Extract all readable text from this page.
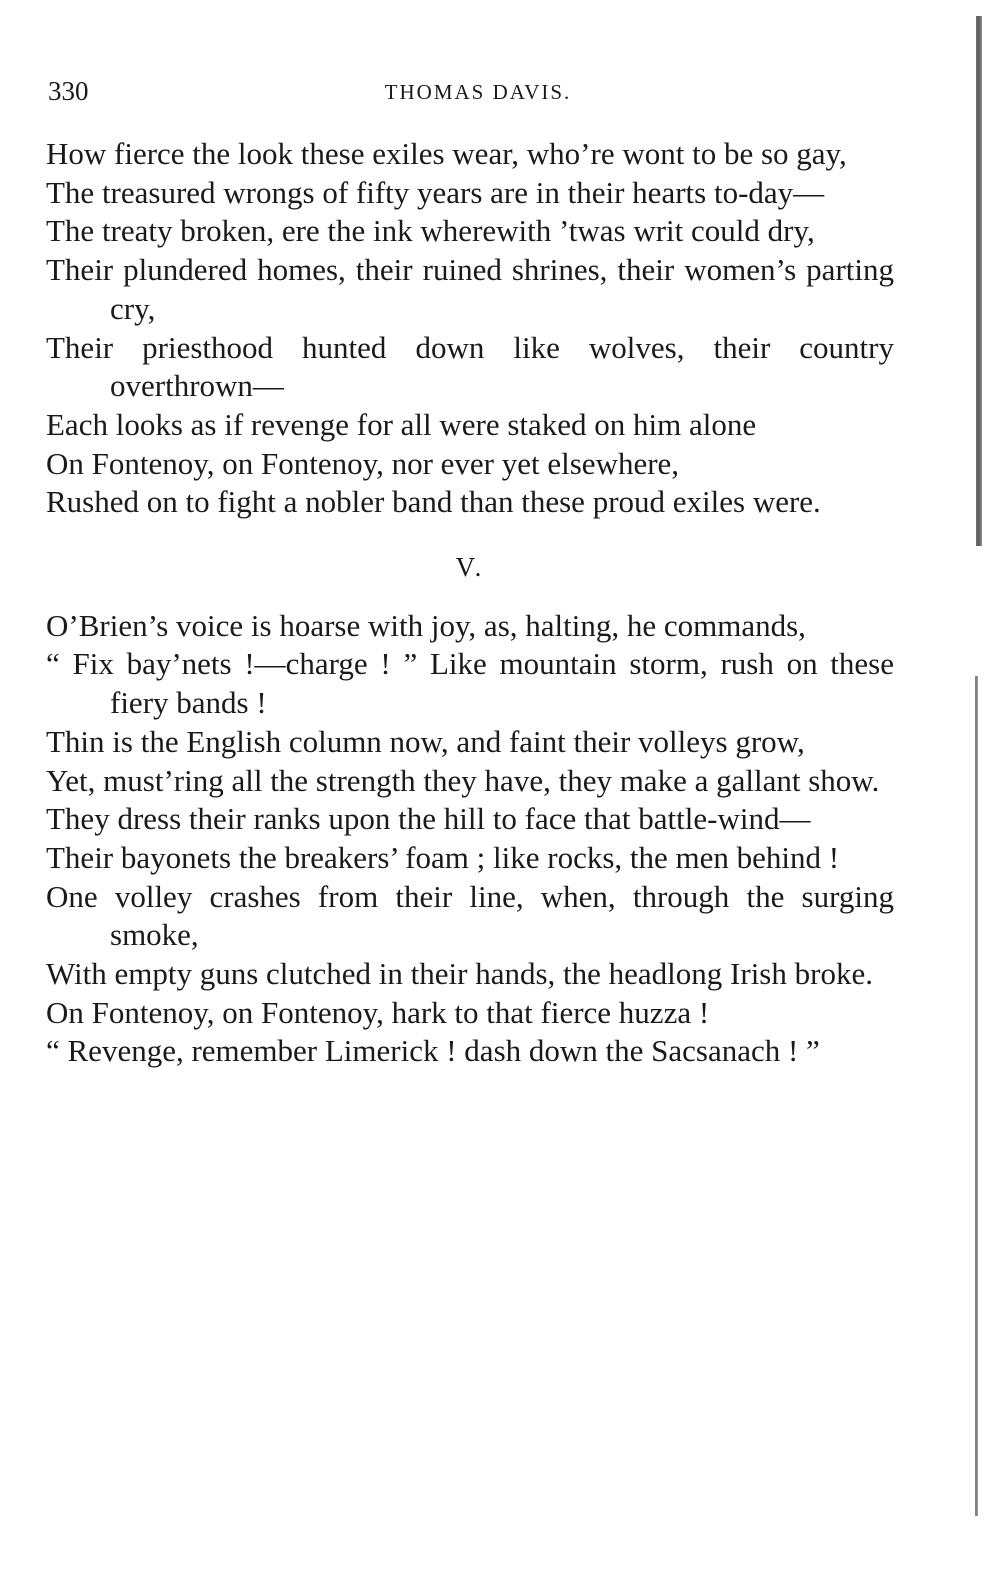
330	THOMAS DAVIS.
How fierce the look these exiles wear, who’re wont to be so gay,
The treasured wrongs of fifty years are in their hearts to-day—
The treaty broken, ere the ink wherewith ’twas writ could dry,
Their plundered homes, their ruined shrines, their women’s parting cry,
Their priesthood hunted down like wolves, their country overthrown—
Each looks as if revenge for all were staked on him alone
On Fontenoy, on Fontenoy, nor ever yet elsewhere,
Rushed on to fight a nobler band than these proud exiles were.
V.
O’Brien’s voice is hoarse with joy, as, halting, he commands,
“ Fix bay’nets !—charge ! ” Like mountain storm, rush on these fiery bands !
Thin is the English column now, and faint their volleys grow,
Yet, must’ring all the strength they have, they make a gallant show.
They dress their ranks upon the hill to face that battle-wind—
Their bayonets the breakers’ foam ; like rocks, the men behind !
One volley crashes from their line, when, through the surging smoke,
With empty guns clutched in their hands, the headlong Irish broke.
On Fontenoy, on Fontenoy, hark to that fierce huzza !
“ Revenge, remember Limerick ! dash down the Sacsanach ! ”
